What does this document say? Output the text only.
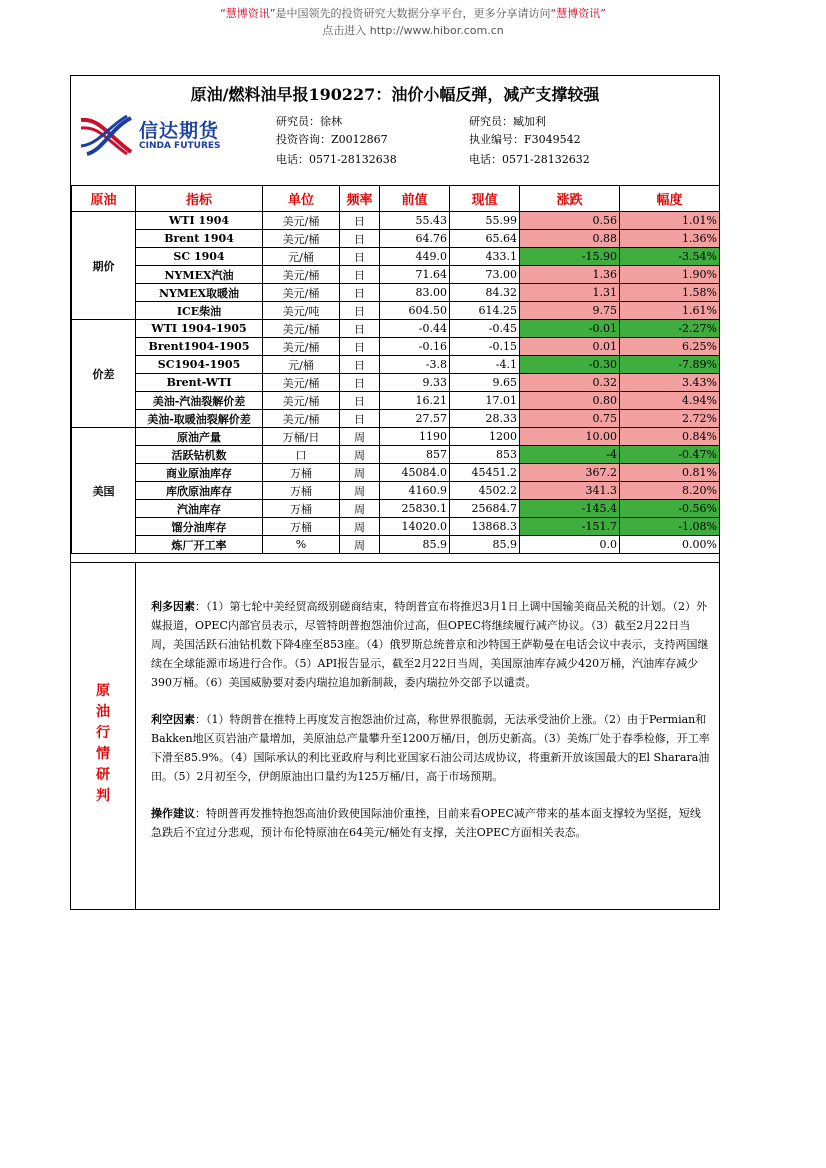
“慧博资讯”是中国领先的投资研究大数据分享平台，更多分享请访问“慧博资讯”
点击进入 http://www.hibor.com.cn
原油/燃料油早报190227：油价小幅反弹，减产支撑较强
信达期货
CINDA FUTURES
研究员：徐林
投资咨询：Z0012867
电话：0571-28132638
研究员：臧加利
执业编号：F3049542
电话：0571-28132632
原油	指标	单位	频率	前值	现值	涨跌	幅度
期价	WTI 1904	美元/桶	日	55.43	55.99	0.56	1.01%
	Brent 1904	美元/桶	日	64.76	65.64	0.88	1.36%
	SC 1904	元/桶	日	449.0	433.1	-15.90	-3.54%
	NYMEX汽油	美元/桶	日	71.64	73.00	1.36	1.90%
	NYMEX取暖油	美元/桶	日	83.00	84.32	1.31	1.58%
	ICE柴油	美元/吨	日	604.50	614.25	9.75	1.61%
价差	WTI 1904-1905	美元/桶	日	-0.44	-0.45	-0.01	-2.27%
	Brent1904-1905	美元/桶	日	-0.16	-0.15	0.01	6.25%
	SC1904-1905	元/桶	日	-3.8	-4.1	-0.30	-7.89%
	Brent-WTI	美元/桶	日	9.33	9.65	0.32	3.43%
	美油-汽油裂解价差	美元/桶	日	16.21	17.01	0.80	4.94%
	美油-取暖油裂解价差	美元/桶	日	27.57	28.33	0.75	2.72%
美国	原油产量	万桶/日	周	1190	1200	10.00	0.84%
	活跃钻机数	口	周	857	853	-4	-0.47%
	商业原油库存	万桶	周	45084.0	45451.2	367.2	0.81%
	库欣原油库存	万桶	周	4160.9	4502.2	341.3	8.20%
	汽油库存	万桶	周	25830.1	25684.7	-145.4	-0.56%
	馏分油库存	万桶	周	14020.0	13868.3	-151.7	-1.08%
	炼厂开工率	%	周	85.9	85.9	0.0	0.00%
原
油
行
情
研
判

利多因素：（1）第七轮中美经贸高级别磋商结束，特朗普宣布将推迟3月1日上调中国输美商品关税的计划。（2）外媒报道，OPEC内部官员表示，尽管特朗普抱怨油价过高，但OPEC将继续履行减产协议。（3）截至2月22日当周，美国活跃石油钻机数下降4座至853座。（4）俄罗斯总统普京和沙特国王萨勒曼在电话会议中表示，支持两国继续在全球能源市场进行合作。（5）API报告显示，截至2月22日当周，美国原油库存减少420万桶，汽油库存减少390万桶。（6）美国威胁要对委内瑞拉追加新制裁，委内瑞拉外交部予以谴责。

利空因素：（1）特朗普在推特上再度发言抱怨油价过高，称世界很脆弱，无法承受油价上涨。（2）由于Permian和Bakken地区页岩油产量增加，美原油总产量攀升至1200万桶/日，创历史新高。（3）美炼厂处于春季检修，开工率下滑至85.9%。（4）国际承认的利比亚政府与利比亚国家石油公司达成协议，将重新开放该国最大的El Sharara油田。（5）2月初至今，伊朗原油出口量约为125万桶/日，高于市场预期。

操作建议：特朗普再发推特抱怨高油价致使国际油价重挫，目前来看OPEC减产带来的基本面支撑较为坚挺，短线急跌后不宜过分悲观，预计布伦特原油在64美元/桶处有支撑，关注OPEC方面相关表态。
